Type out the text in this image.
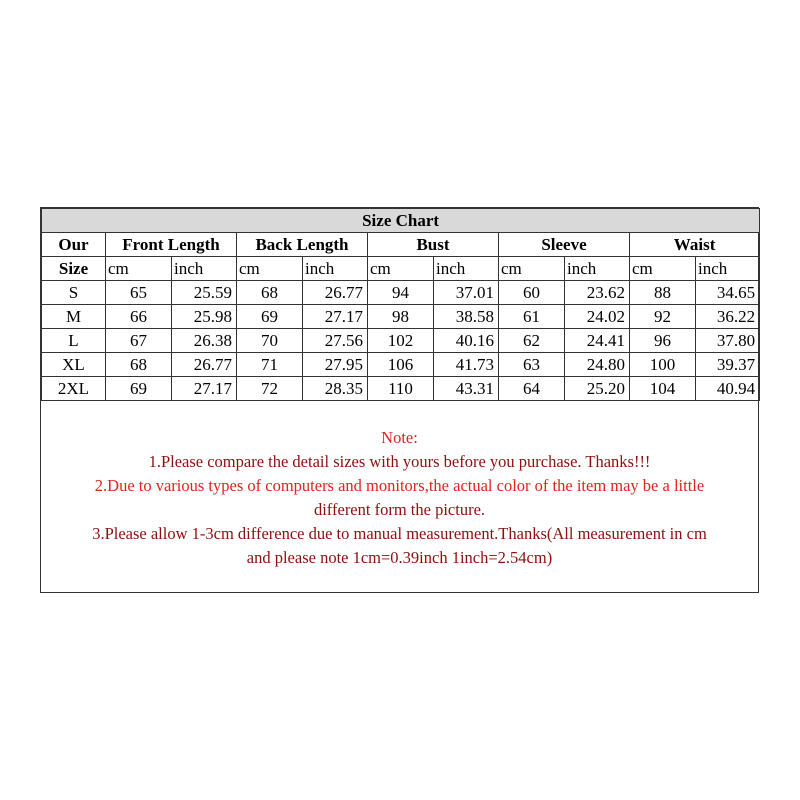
Size Chart										
Our	Front Length		Back Length		Bust		Sleeve		Waist	
Size	cm	inch	cm	inch	cm	inch	cm	inch	cm	inch
S	65	25.59	68	26.77	94	37.01	60	23.62	88	34.65
M	66	25.98	69	27.17	98	38.58	61	24.02	92	36.22
L	67	26.38	70	27.56	102	40.16	62	24.41	96	37.80
XL	68	26.77	71	27.95	106	41.73	63	24.80	100	39.37
2XL	69	27.17	72	28.35	110	43.31	64	25.20	104	40.94
Note:
1.Please compare the detail sizes with yours before you purchase. Thanks!!!
2.Due to various types of computers and monitors,the actual color of the item may be a little
different form the picture.
3.Please allow 1-3cm difference due to manual measurement.Thanks(All measurement in cm
and please note 1cm=0.39inch 1inch=2.54cm)
